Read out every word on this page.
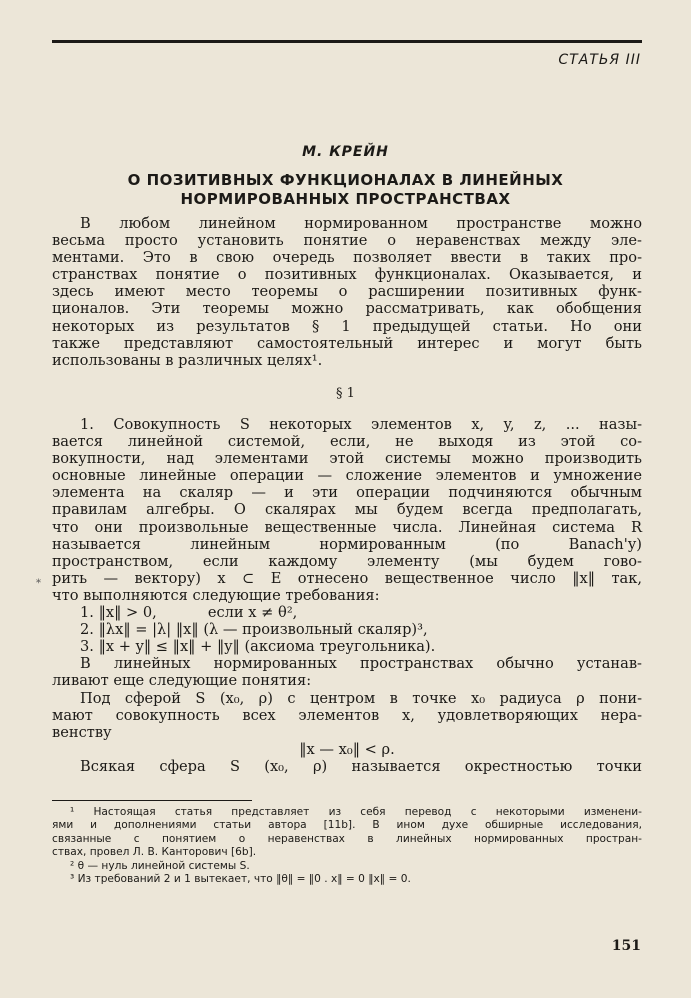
СТАТЬЯ III
М. КРЕЙН
О ПОЗИТИВНЫХ ФУНКЦИОНАЛАХ В ЛИНЕЙНЫХ
НОРМИРОВАННЫХ ПРОСТРАНСТВАХ
В любом линейном нормированном пространстве можно
весьма просто установить понятие о неравенствах между эле-
ментами. Это в свою очередь позволяет ввести в таких про-
странствах понятие о позитивных функционалах. Оказывается, и
здесь имеют место теоремы о расширении позитивных функ-
ционалов. Эти теоремы можно рассматривать, как обобщения
некоторых из результатов § 1 предыдущей статьи. Но они
также представляют самостоятельный интерес и могут быть
использованы в различных целях¹.
§ 1
1. Совокупность S некоторых элементов x, y, z, ... назы-
вается линейной системой, если, не выходя из этой со-
вокупности, над элементами этой системы можно производить
основные линейные операции — сложение элементов и умножение
элемента на скаляр — и эти операции подчиняются обычным
правилам алгебры. О скалярах мы будем всегда предполагать,
что они произвольные вещественные числа. Линейная система R
называется линейным нормированным (по Banach'у)
пространством, если каждому элементу (мы будем гово-
рить — вектору) x ⊂ E отнесено вещественное число ‖x‖ так,
что выполняются следующие требования:
1. ‖x‖ > 0,           если x ≠ θ²,
2. ‖λx‖ = |λ| ‖x‖ (λ — произвольный скаляр)³,
3. ‖x + y‖ ≤ ‖x‖ + ‖y‖ (аксиома треугольника).
В линейных нормированных пространствах обычно устанав-
ливают еще следующие понятия:
Под сферой S (x₀, ρ) с центром в точке x₀ радиуса ρ пони-
мают совокупность всех элементов x, удовлетворяющих нера-
венству
‖x — x₀‖ < ρ.
Всякая сфера S (x₀, ρ) называется окрестностью точки
*
¹ Настоящая статья представляет из себя перевод с некоторыми изменени-
ями и дополнениями статьи автора [11b]. В ином духе обширные исследования,
связанные с понятием о неравенствах в линейных нормированных простран-
ствах, провел Л. В. Канторович [6b].
² θ — нуль линейной системы S.
³ Из требований 2 и 1 вытекает, что ‖θ‖ = ‖0 . x‖ = 0 ‖x‖ = 0.
151
